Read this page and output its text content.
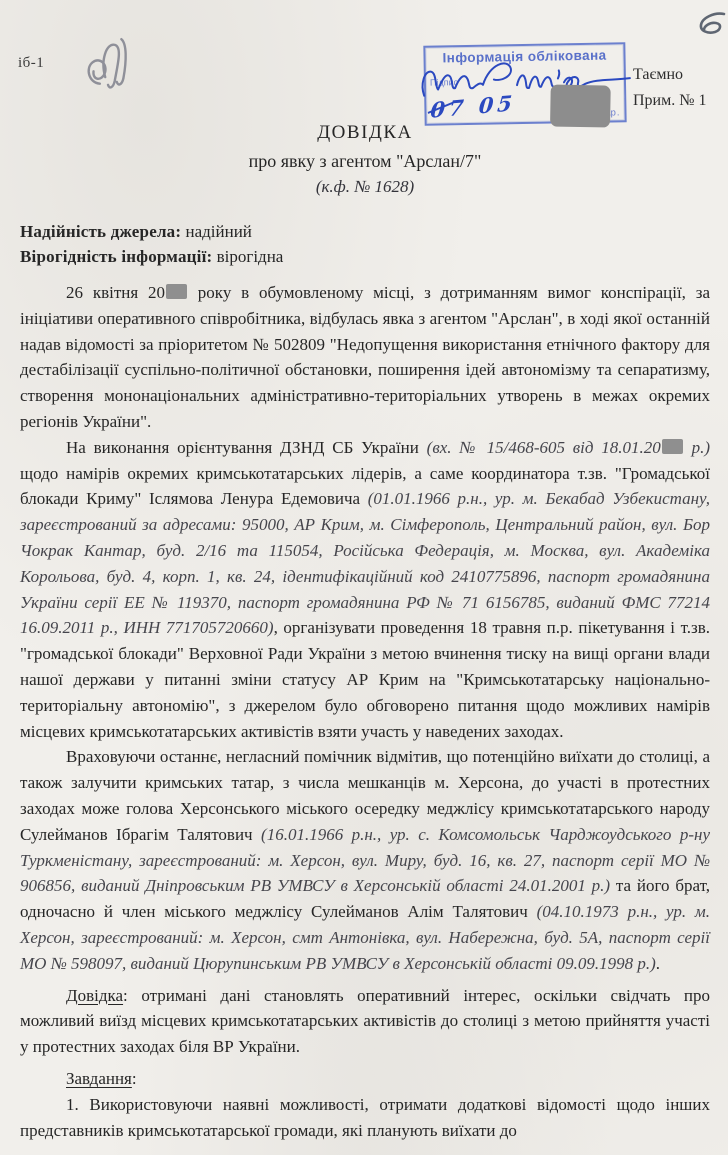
іб-1	Інформація облікована
Підпис
07 05	р.
Таємно
Прим. № 1
ДОВІДКА
про явку з агентом "Арслан/7"
(к.ф. № 1628)
Надійність джерела: надійний
Вірогідність інформації: вірогідна

26 квітня 20 року в обумовленому місці, з дотриманням вимог конспірації, за ініціативи оперативного співробітника, відбулась явка з агентом "Арслан", в ході якої останній надав відомості за пріоритетом № 502809 "Недопущення використання етнічного фактору для дестабілізації суспільно-політичної обстановки, поширення ідей автономізму та сепаратизму, створення мононаціональних адміністративно-територіальних утворень в межах окремих регіонів України".

На виконання орієнтування ДЗНД СБ України (вх. № 15/468-605 від 18.01.20 р.) щодо намірів окремих кримськотатарських лідерів, а саме координатора т.зв. "Громадської блокади Криму" Іслямова Ленура Едемовича (01.01.1966 р.н., ур. м. Бекабад Узбекистану, зареєстрований за адресами: 95000, АР Крим, м. Сімферополь, Центральний район, вул. Бор Чокрак Кантар, буд. 2/16 та 115054, Російська Федерація, м. Москва, вул. Академіка Корольова, буд. 4, корп. 1, кв. 24, ідентифікаційний код 2410775896, паспорт громадянина України серії ЕЕ № 119370, паспорт громадянина РФ № 71 6156785, виданий ФМС 77214 16.09.2011 р., ИНН 771705720660), організувати проведення 18 травня п.р. пікетування і т.зв. "громадської блокади" Верховної Ради України з метою вчинення тиску на вищі органи влади нашої держави у питанні зміни статусу АР Крим на "Кримськотатарську національно-територіальну автономію", з джерелом було обговорено питання щодо можливих намірів місцевих кримськотатарських активістів взяти участь у наведених заходах.

Враховуючи останнє, негласний помічник відмітив, що потенційно виїхати до столиці, а також залучити кримських татар, з числа мешканців м. Херсона, до участі в протестних заходах може голова Херсонського міського осередку меджлісу кримськотатарського народу Сулейманов Ібрагім Талятович (16.01.1966 р.н., ур. с. Комсомольськ Чарджоудського р-ну Туркменістану, зареєстрований: м. Херсон, вул. Миру, буд. 16, кв. 27, паспорт серії МО № 906856, виданий Дніпровським РВ УМВСУ в Херсонській області 24.01.2001 р.) та його брат, одночасно й член міського меджлісу Сулейманов Алім Талятович (04.10.1973 р.н., ур. м. Херсон, зареєстрований: м. Херсон, смт Антонівка, вул. Набережна, буд. 5А, паспорт серії МО № 598097, виданий Цюрупинським РВ УМВСУ в Херсонській області 09.09.1998 р.).

Довідка: отримані дані становлять оперативний інтерес, оскільки свідчать про можливий виїзд місцевих кримськотатарських активістів до столиці з метою прийняття участі у протестних заходах біля ВР України.

Завдання:

1. Використовуючи наявні можливості, отримати додаткові відомості щодо інших представників кримськотатарської громади, які планують виїхати до
